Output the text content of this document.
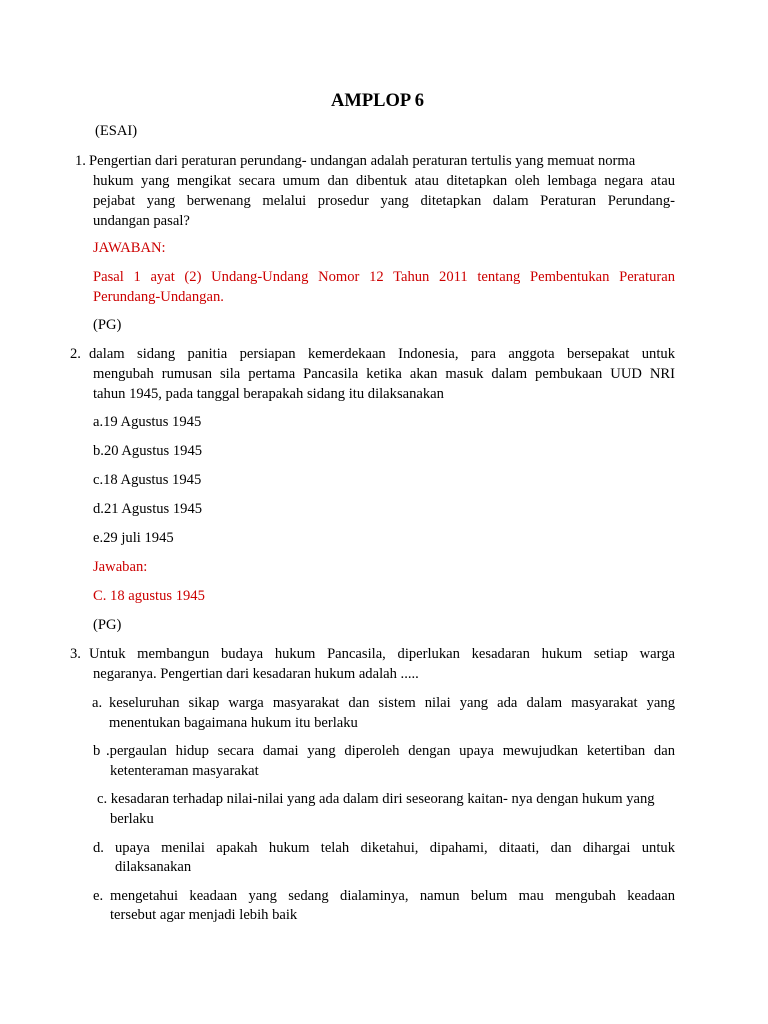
AMPLOP 6
(ESAI)
1. Pengertian dari peraturan perundang- undangan adalah peraturan tertulis yang memuat norma
hukum yang mengikat secara umum dan dibentuk atau ditetapkan oleh lembaga negara atau
pejabat yang berwenang melalui prosedur yang ditetapkan dalam Peraturan Perundang-
undangan pasal?
JAWABAN:
Pasal 1 ayat (2) Undang-Undang Nomor 12 Tahun 2011 tentang Pembentukan Peraturan
Perundang-Undangan.
(PG)
2. dalam sidang panitia persiapan kemerdekaan Indonesia, para anggota bersepakat untuk
mengubah rumusan sila pertama Pancasila ketika akan masuk dalam pembukaan UUD NRI
tahun 1945, pada tanggal berapakah sidang itu dilaksanakan
a.19 Agustus 1945
b.20 Agustus 1945
c.18 Agustus 1945
d.21 Agustus 1945
e.29 juli 1945
Jawaban:
C. 18 agustus 1945
(PG)
3. Untuk membangun budaya hukum Pancasila, diperlukan kesadaran hukum setiap warga
negaranya. Pengertian dari kesadaran hukum adalah .....
a. keseluruhan sikap warga masyarakat dan sistem nilai yang ada dalam masyarakat yang
menentukan bagaimana hukum itu berlaku
b .pergaulan hidup secara damai yang diperoleh dengan upaya mewujudkan ketertiban dan
ketenteraman masyarakat
c. kesadaran terhadap nilai-nilai yang ada dalam diri seseorang kaitan- nya dengan hukum yang
berlaku
d. upaya menilai apakah hukum telah diketahui, dipahami, ditaati, dan dihargai untuk
dilaksanakan
e. mengetahui keadaan yang sedang dialaminya, namun belum mau mengubah keadaan
tersebut agar menjadi lebih baik
